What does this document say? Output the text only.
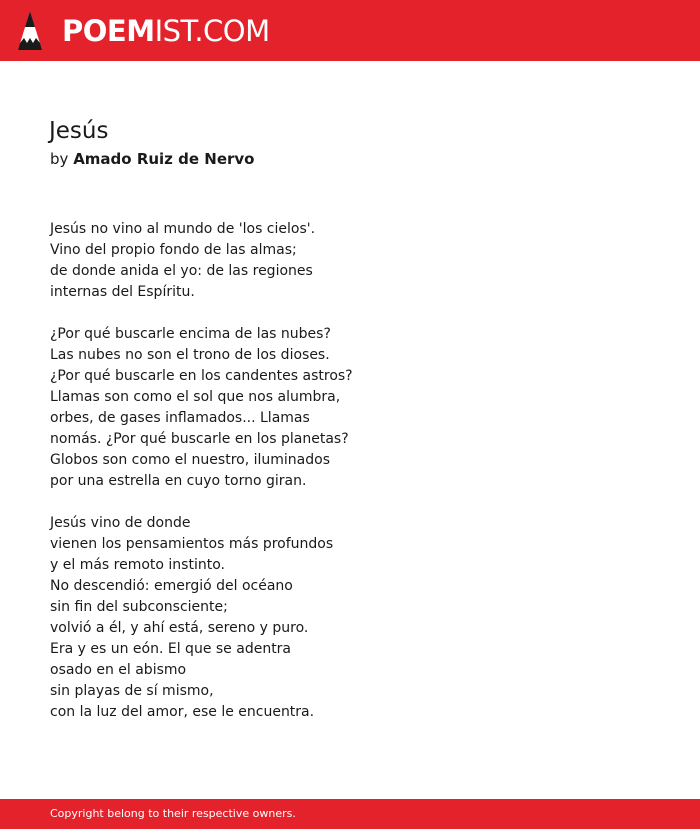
POEMIST.COM
Jesús
by Amado Ruiz de Nervo
Jesús no vino al mundo de 'los cielos'.
Vino del propio fondo de las almas;
de donde anida el yo: de las regiones
internas del Espíritu.
¿Por qué buscarle encima de las nubes?
Las nubes no son el trono de los dioses.
¿Por qué buscarle en los candentes astros?
Llamas son como el sol que nos alumbra,
orbes, de gases inflamados... Llamas
nomás. ¿Por qué buscarle en los planetas?
Globos son como el nuestro, iluminados
por una estrella en cuyo torno giran.
Jesús vino de donde
vienen los pensamientos más profundos
y el más remoto instinto.
No descendió: emergió del océano
sin fin del subconsciente;
volvió a él, y ahí está, sereno y puro.
Era y es un eón. El que se adentra
osado en el abismo
sin playas de sí mismo,
con la luz del amor, ese le encuentra.
Copyright belong to their respective owners.
